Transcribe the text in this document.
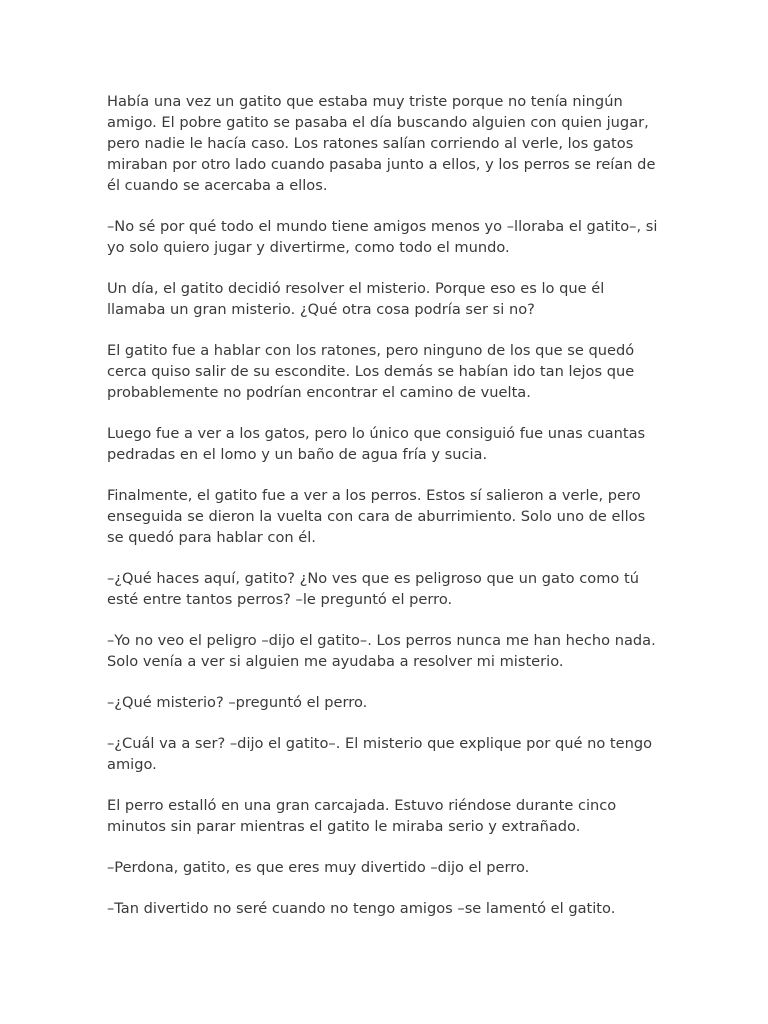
Había una vez un gatito que estaba muy triste porque no tenía ningún
amigo. El pobre gatito se pasaba el día buscando alguien con quien jugar,
pero nadie le hacía caso. Los ratones salían corriendo al verle, los gatos
miraban por otro lado cuando pasaba junto a ellos, y los perros se reían de
él cuando se acercaba a ellos.

–No sé por qué todo el mundo tiene amigos menos yo –lloraba el gatito–, si
yo solo quiero jugar y divertirme, como todo el mundo.

Un día, el gatito decidió resolver el misterio. Porque eso es lo que él
llamaba un gran misterio. ¿Qué otra cosa podría ser si no?

El gatito fue a hablar con los ratones, pero ninguno de los que se quedó
cerca quiso salir de su escondite. Los demás se habían ido tan lejos que
probablemente no podrían encontrar el camino de vuelta.

Luego fue a ver a los gatos, pero lo único que consiguió fue unas cuantas
pedradas en el lomo y un baño de agua fría y sucia.

Finalmente, el gatito fue a ver a los perros. Estos sí salieron a verle, pero
enseguida se dieron la vuelta con cara de aburrimiento. Solo uno de ellos
se quedó para hablar con él.

–¿Qué haces aquí, gatito? ¿No ves que es peligroso que un gato como tú
esté entre tantos perros? –le preguntó el perro.

–Yo no veo el peligro –dijo el gatito–. Los perros nunca me han hecho nada.
Solo venía a ver si alguien me ayudaba a resolver mi misterio.

–¿Qué misterio? –preguntó el perro.

–¿Cuál va a ser? –dijo el gatito–. El misterio que explique por qué no tengo
amigo.

El perro estalló en una gran carcajada. Estuvo riéndose durante cinco
minutos sin parar mientras el gatito le miraba serio y extrañado.

–Perdona, gatito, es que eres muy divertido –dijo el perro.

–Tan divertido no seré cuando no tengo amigos –se lamentó el gatito.
